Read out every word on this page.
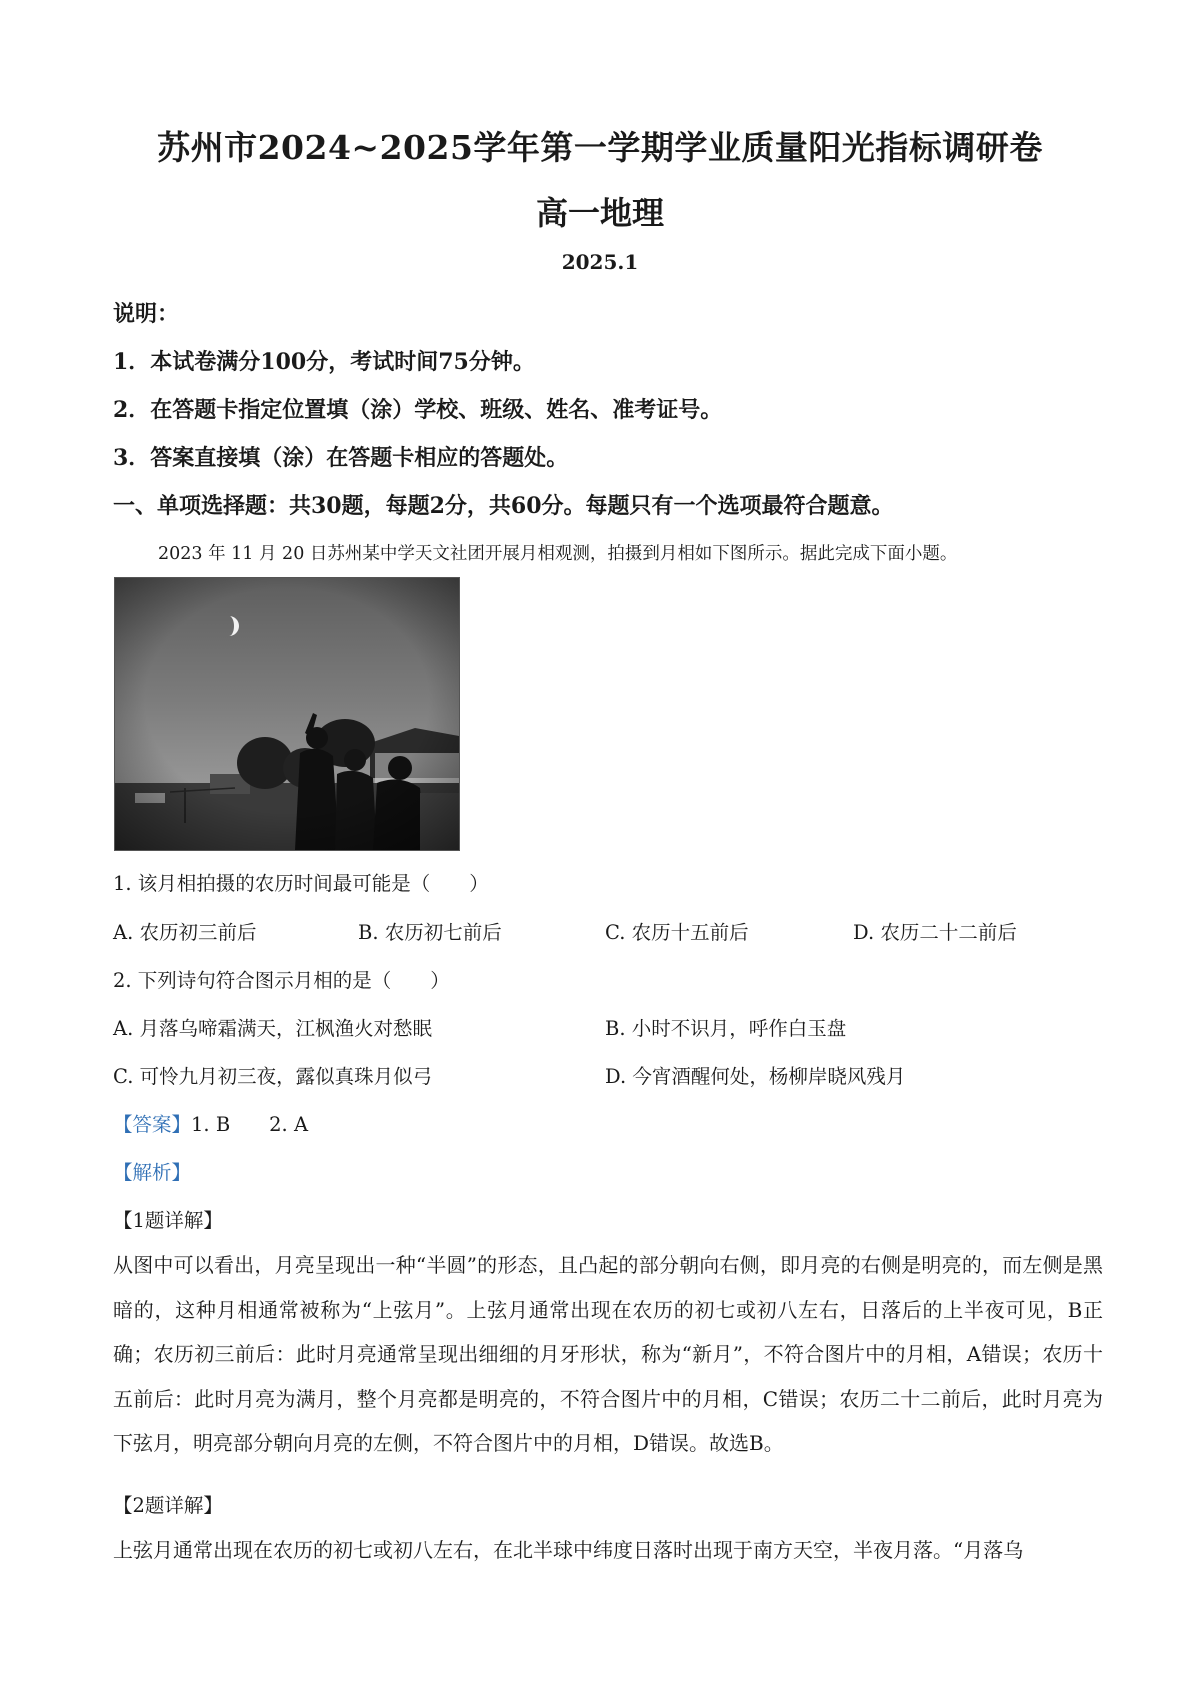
苏州市2024~2025学年第一学期学业质量阳光指标调研卷
高一地理
2025.1
说明：
1．本试卷满分100分，考试时间75分钟。
2．在答题卡指定位置填（涂）学校、班级、姓名、准考证号。
3．答案直接填（涂）在答题卡相应的答题处。
一、单项选择题：共30题，每题2分，共60分。每题只有一个选项最符合题意。
2023 年 11 月 20 日苏州某中学天文社团开展月相观测，拍摄到月相如下图所示。据此完成下面小题。
1. 该月相拍摄的农历时间最可能是（　　）
A. 农历初三前后	B. 农历初七前后	C. 农历十五前后	D. 农历二十二前后
2. 下列诗句符合图示月相的是（　　）
A. 月落乌啼霜满天，江枫渔火对愁眠	B. 小时不识月，呼作白玉盘
C. 可怜九月初三夜，露似真珠月似弓	D. 今宵酒醒何处，杨柳岸晓风残月
【答案】1. B　　2. A
【解析】
【1题详解】
从图中可以看出，月亮呈现出一种“半圆”的形态，且凸起的部分朝向右侧，即月亮的右侧是明亮的，而左侧是黑暗的，这种月相通常被称为“上弦月”。上弦月通常出现在农历的初七或初八左右，日落后的上半夜可见，B正确；农历初三前后：此时月亮通常呈现出细细的月牙形状，称为“新月”，不符合图片中的月相，A错误；农历十五前后：此时月亮为满月，整个月亮都是明亮的，不符合图片中的月相，C错误；农历二十二前后，此时月亮为下弦月，明亮部分朝向月亮的左侧，不符合图片中的月相，D错误。故选B。
【2题详解】
上弦月通常出现在农历的初七或初八左右，在北半球中纬度日落时出现于南方天空，半夜月落。“月落乌
